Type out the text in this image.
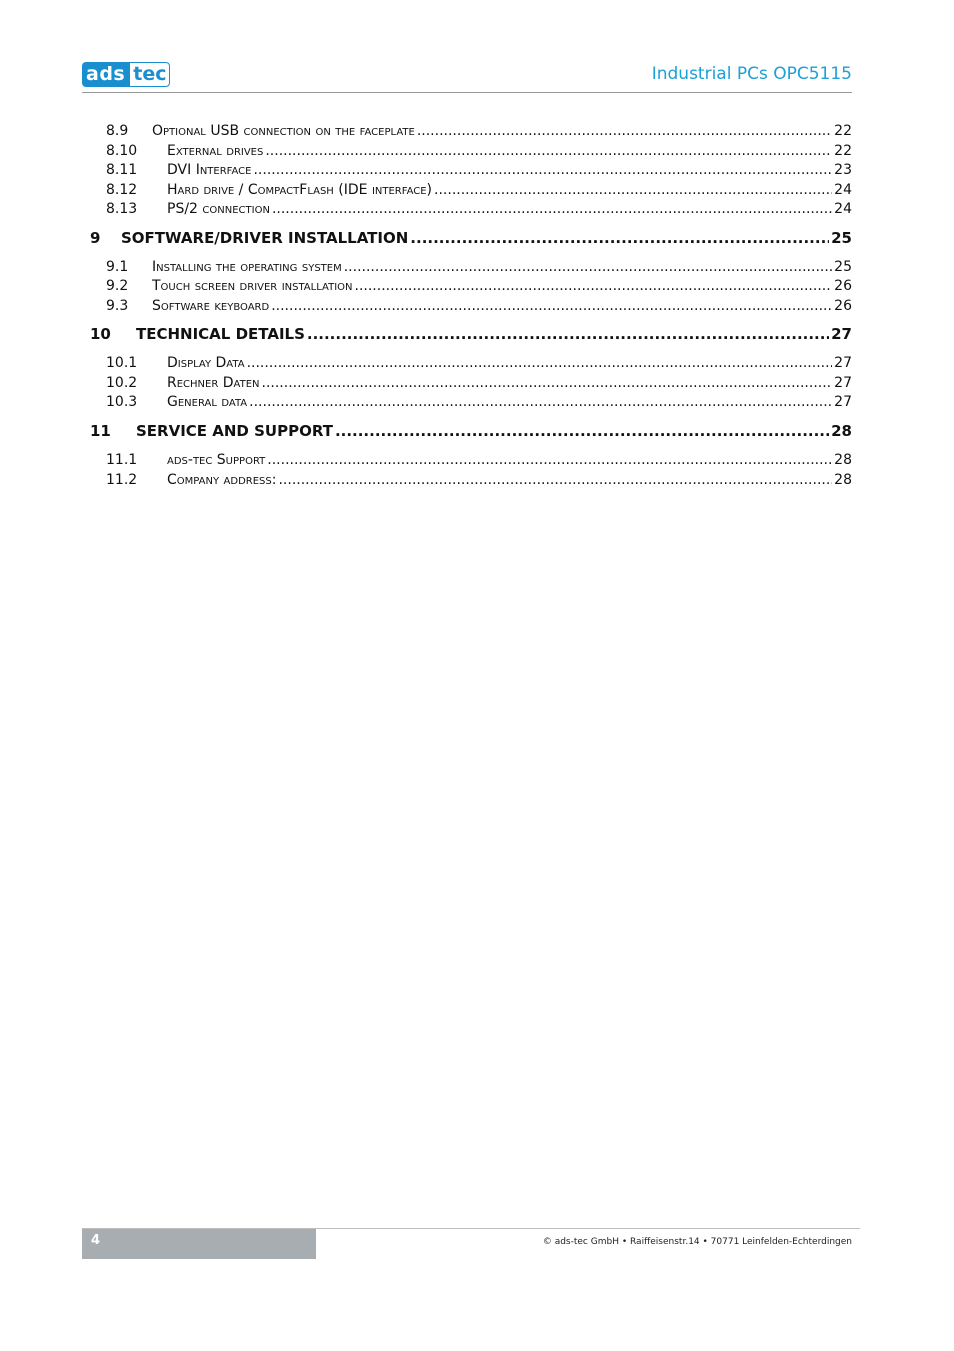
ads tec	Industrial PCs OPC5115
8.9	Optional USB connection on the faceplate .....	22
8.10	External drives .....	22
8.11	DVI Interface .....	23
8.12	Hard drive / CompactFlash (IDE interface) .....	24
8.13	PS/2 connection .....	24
9	SOFTWARE/DRIVER INSTALLATION .....	25
9.1	Installing the operating system .....	25
9.2	Touch screen driver installation .....	26
9.3	Software keyboard .....	26
10	TECHNICAL DETAILS .....	27
10.1	Display Data .....	27
10.2	Rechner Daten .....	27
10.3	General data .....	27
11	SERVICE AND SUPPORT .....	28
11.1	ads-tec Support .....	28
11.2	Company address: .....	28
4	© ads-tec GmbH • Raiffeisenstr.14 • 70771 Leinfelden-Echterdingen
